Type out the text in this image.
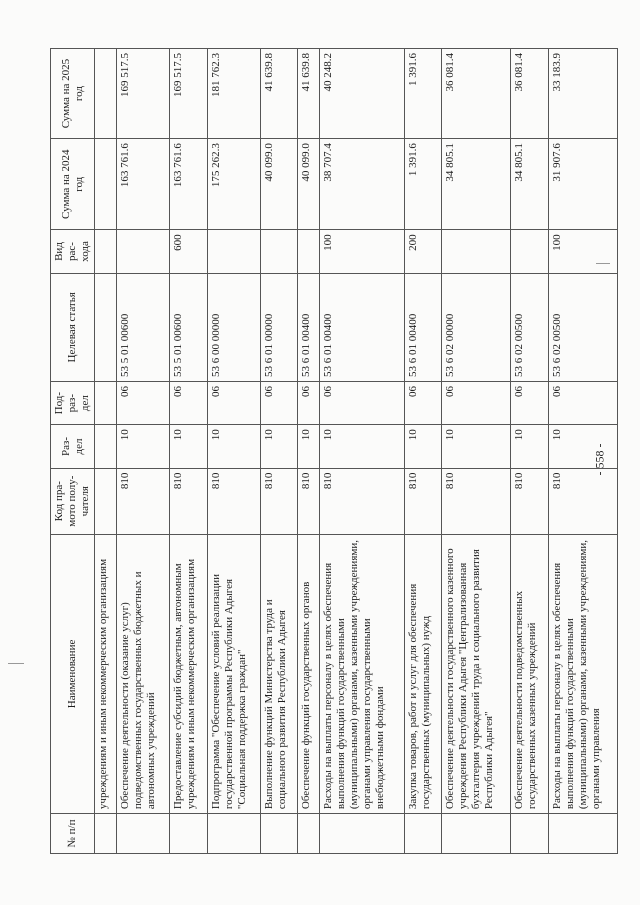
- 558 -
№ п/п	Наименование	Код пра- мото полу- чателя	Раз- дел	Под- раз- дел	Целевая статья	Вид рас- хода	Сумма на 2024 год	Сумма на 2025 год
	учреждениям и иным некоммерческим организациям							
	Обеспечение деятельности (оказание услуг) подведомственных государственных бюджетных и автономных учреждений	810	10	06	53 5 01 00600		163 761.6	169 517.5
	Предоставление субсидий бюджетным, автономным учреждениям и иным некоммерческим организациям	810	10	06	53 5 01 00600	600	163 761.6	169 517.5
	Подпрограмма "Обеспечение условий реализации государственной программы Республики Адыгея "Социальная поддержка граждан"	810	10	06	53 6 00 00000		175 262.3	181 762.3
	Выполнение функций Министерства труда и социального развития Республики Адыгея	810	10	06	53 6 01 00000		40 099.0	41 639.8
	Обеспечение функций государственных органов	810	10	06	53 6 01 00400		40 099.0	41 639.8
	Расходы на выплаты персоналу в целях обеспечения выполнения функций государственными (муниципальными) органами, казенными учреждениями, органами управления государственными внебюджетными фондами	810	10	06	53 6 01 00400	100	38 707.4	40 248.2
	Закупка товаров, работ и услуг для обеспечения государственных (муниципальных) нужд	810	10	06	53 6 01 00400	200	1 391.6	1 391.6
	Обеспечение деятельности государственного казенного учреждения Республики Адыгея "Централизованная бухгалтерия учреждений труда и социального развития Республики Адыгея"	810	10	06	53 6 02 00000		34 805.1	36 081.4
	Обеспечение деятельности подведомственных государственных казенных учреждений	810	10	06	53 6 02 00500		34 805.1	36 081.4
	Расходы на выплаты персоналу в целях обеспечения выполнения функций государственными (муниципальными) органами, казенными учреждениями, органами управления	810	10	06	53 6 02 00500	100	31 907.6	33 183.9
